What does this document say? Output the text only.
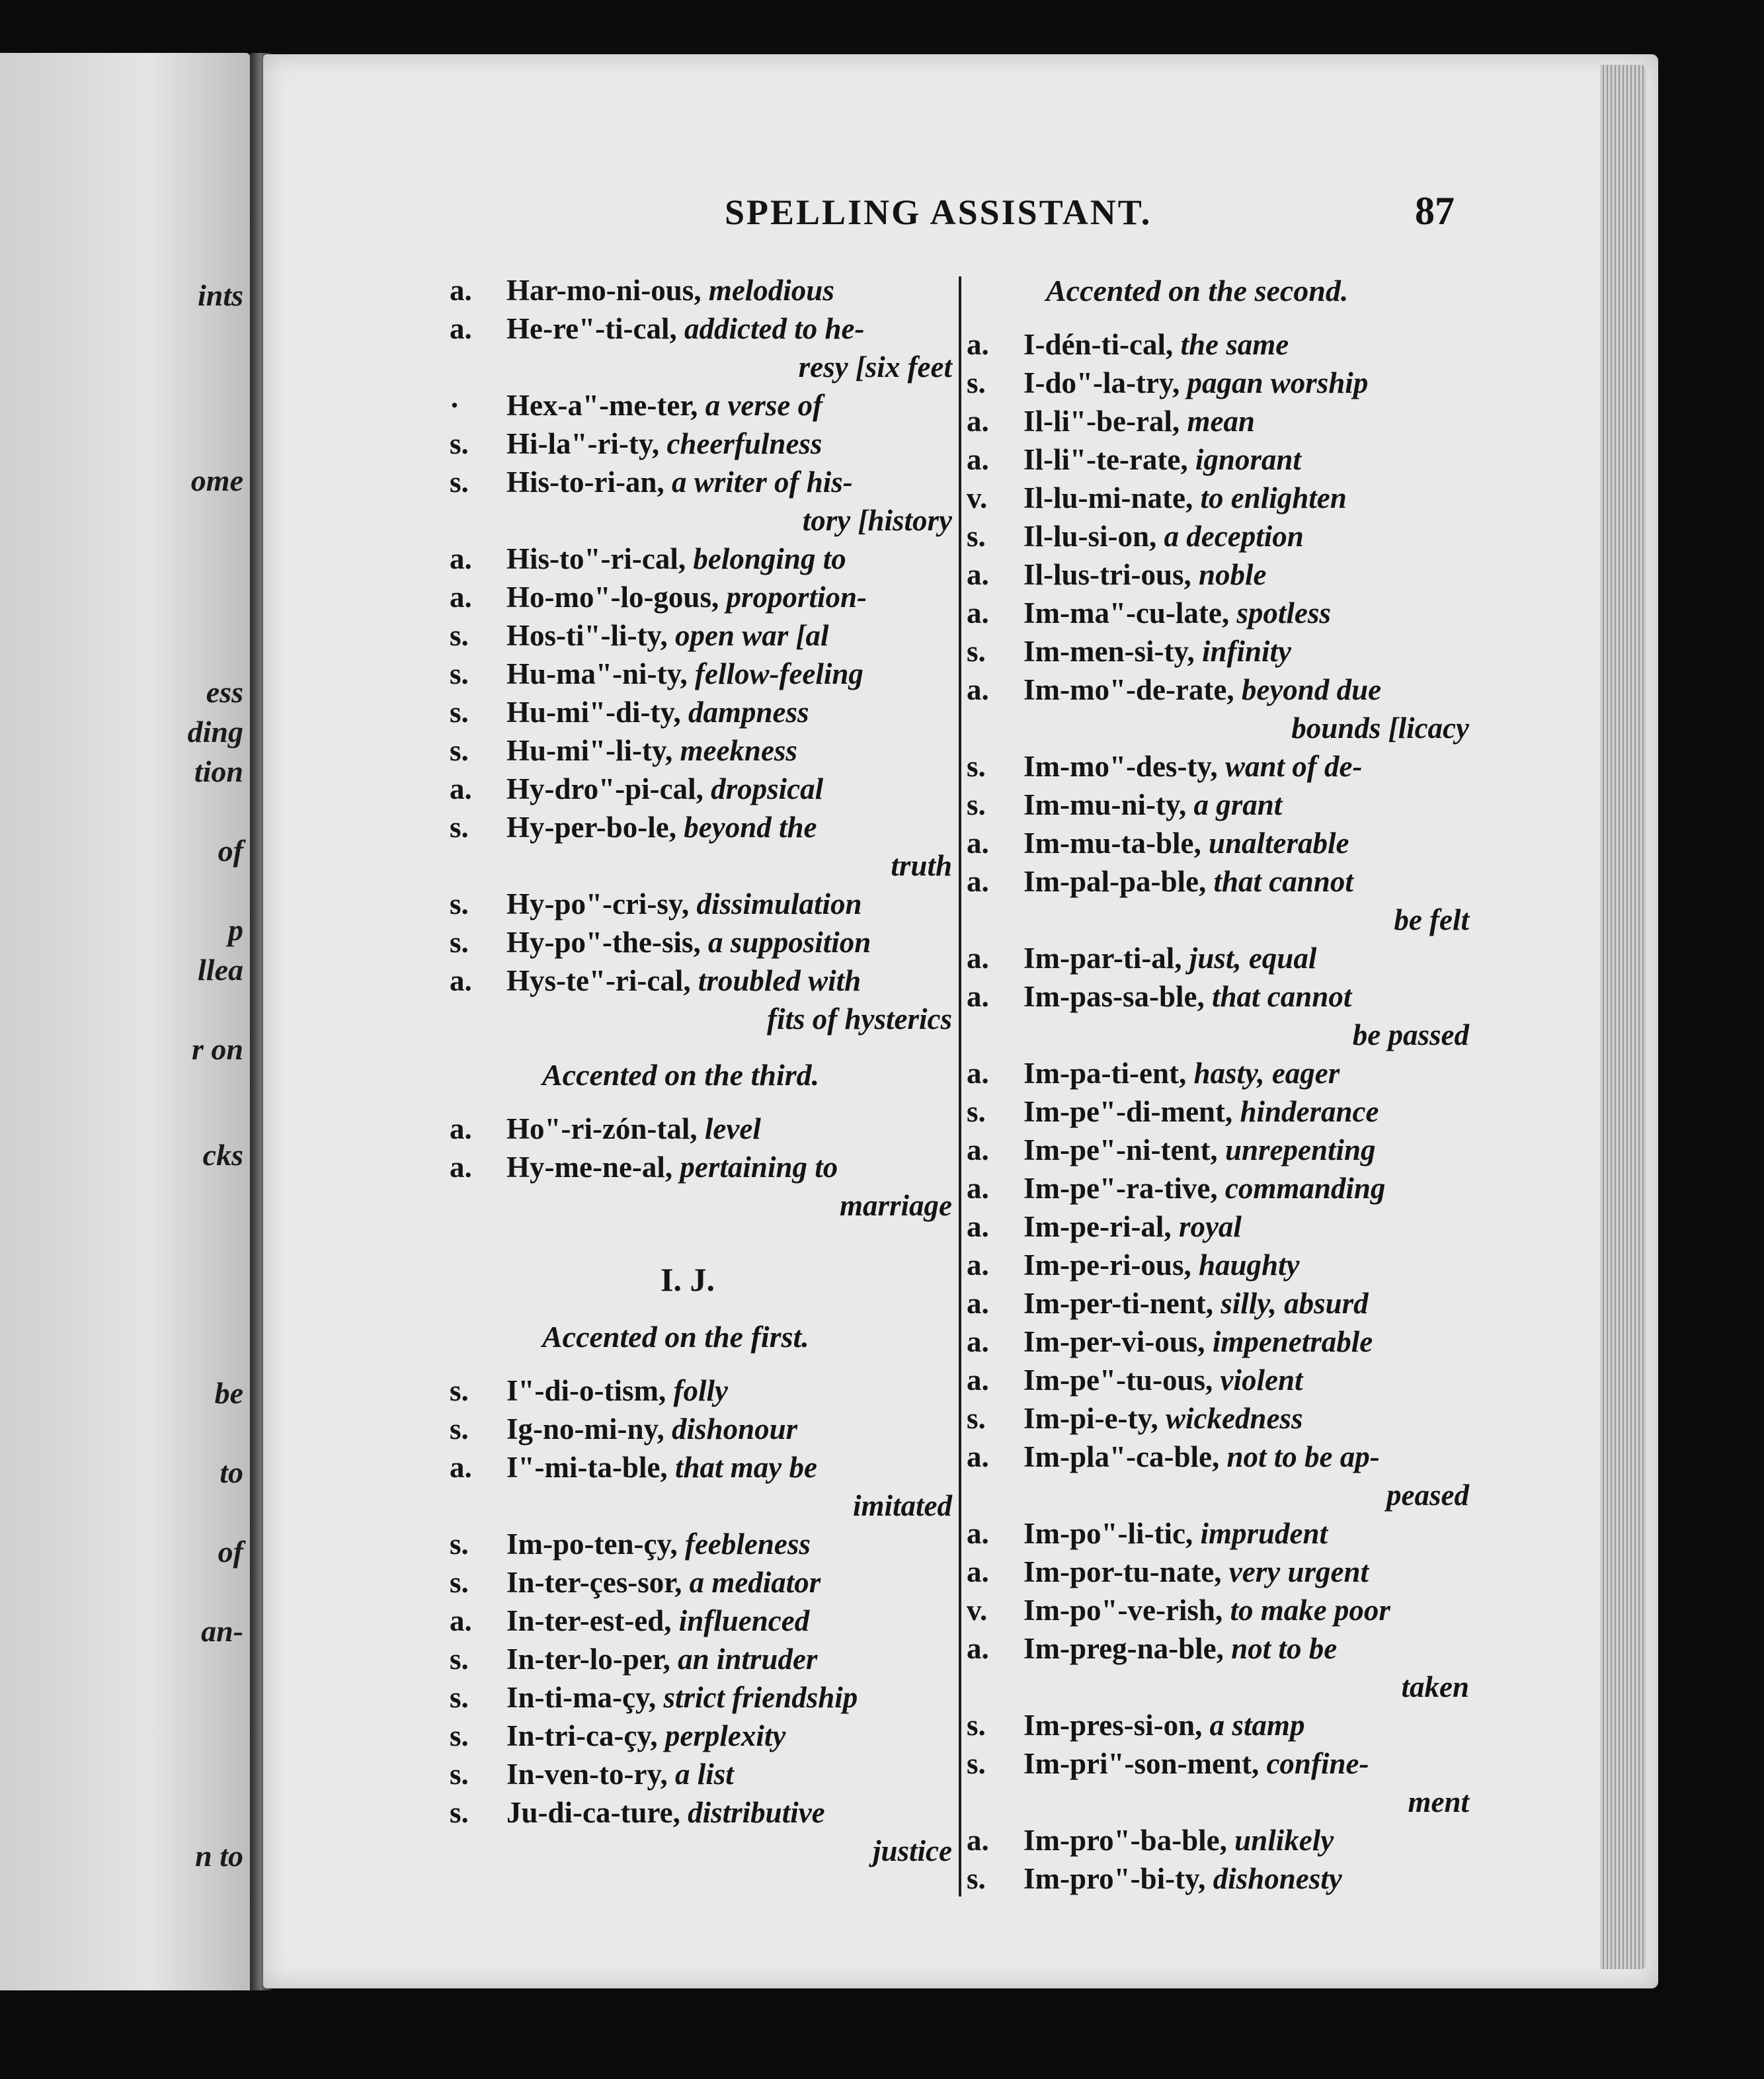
ints
ome
ess
ding
tion
of
p
llea
r on
cks
be
to
of
an-
n to
SPELLING ASSISTANT.	87
a.	Har-mo-ni-ous, melodious
a.	He-re"-ti-cal, addicted to he-
resy [six feet
·	Hex-a"-me-ter, a verse of
s.	Hi-la"-ri-ty, cheerfulness
s.	His-to-ri-an, a writer of his-
tory [history
a.	His-to"-ri-cal, belonging to
a.	Ho-mo"-lo-gous, proportion-
s.	Hos-ti"-li-ty, open war [al
s.	Hu-ma"-ni-ty, fellow-feeling
s.	Hu-mi"-di-ty, dampness
s.	Hu-mi"-li-ty, meekness
a.	Hy-dro"-pi-cal, dropsical
s.	Hy-per-bo-le, beyond the
truth
s.	Hy-po"-cri-sy, dissimulation
s.	Hy-po"-the-sis, a supposition
a.	Hys-te"-ri-cal, troubled with
fits of hysterics
Accented on the third.
a.	Ho"-ri-zón-tal, level
a.	Hy-me-ne-al, pertaining to
marriage
I. J.
Accented on the first.
s.	I"-di-o-tism, folly
s.	Ig-no-mi-ny, dishonour
a.	I"-mi-ta-ble, that may be
imitated
s.	Im-po-ten-çy, feebleness
s.	In-ter-çes-sor, a mediator
a.	In-ter-est-ed, influenced
s.	In-ter-lo-per, an intruder
s.	In-ti-ma-çy, strict friendship
s.	In-tri-ca-çy, perplexity
s.	In-ven-to-ry, a list
s.	Ju-di-ca-ture, distributive
justice
Accented on the second.
a.	I-dén-ti-cal, the same
s.	I-do"-la-try, pagan worship
a.	Il-li"-be-ral, mean
a.	Il-li"-te-rate, ignorant
v.	Il-lu-mi-nate, to enlighten
s.	Il-lu-si-on, a deception
a.	Il-lus-tri-ous, noble
a.	Im-ma"-cu-late, spotless
s.	Im-men-si-ty, infinity
a.	Im-mo"-de-rate, beyond due
bounds [licacy
s.	Im-mo"-des-ty, want of de-
s.	Im-mu-ni-ty, a grant
a.	Im-mu-ta-ble, unalterable
a.	Im-pal-pa-ble, that cannot
be felt
a.	Im-par-ti-al, just, equal
a.	Im-pas-sa-ble, that cannot
be passed
a.	Im-pa-ti-ent, hasty, eager
s.	Im-pe"-di-ment, hinderance
a.	Im-pe"-ni-tent, unrepenting
a.	Im-pe"-ra-tive, commanding
a.	Im-pe-ri-al, royal
a.	Im-pe-ri-ous, haughty
a.	Im-per-ti-nent, silly, absurd
a.	Im-per-vi-ous, impenetrable
a.	Im-pe"-tu-ous, violent
s.	Im-pi-e-ty, wickedness
a.	Im-pla"-ca-ble, not to be ap-
peased
a.	Im-po"-li-tic, imprudent
a.	Im-por-tu-nate, very urgent
v.	Im-po"-ve-rish, to make poor
a.	Im-preg-na-ble, not to be
taken
s.	Im-pres-si-on, a stamp
s.	Im-pri"-son-ment, confine-
ment
a.	Im-pro"-ba-ble, unlikely
s.	Im-pro"-bi-ty, dishonesty
